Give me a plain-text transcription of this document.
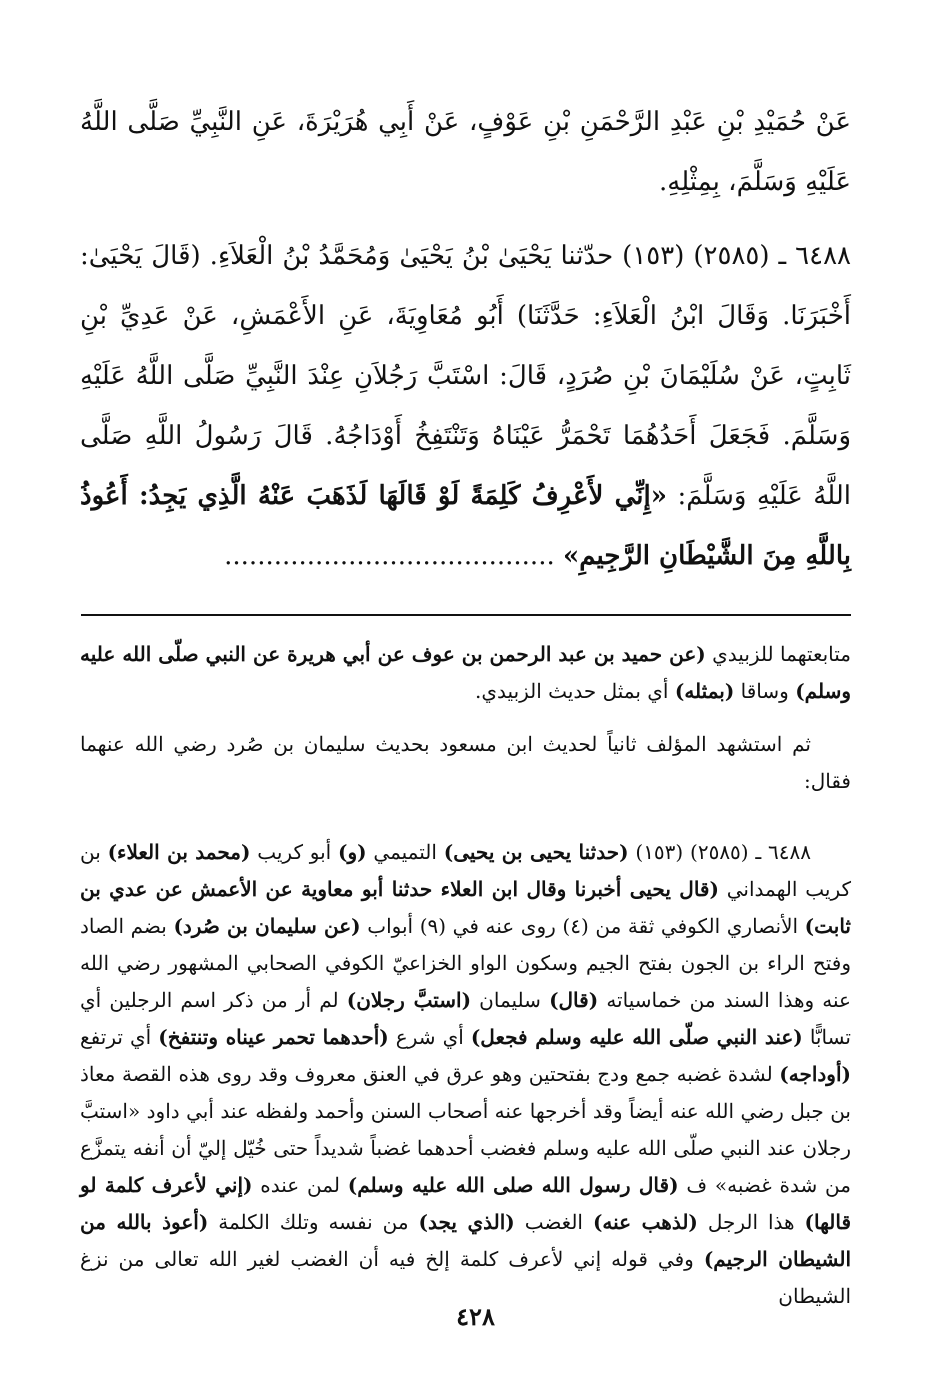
عَنْ حُمَيْدِ بْنِ عَبْدِ الرَّحْمَنِ بْنِ عَوْفٍ، عَنْ أَبِي هُرَيْرَةَ، عَنِ النَّبِيِّ صَلَّى اللَّهُ عَلَيْهِ وَسَلَّمَ، بِمِثْلِهِ.

٦٤٨٨ ـ (٢٥٨٥) (١٥٣) حدّثنا يَحْيَىٰ بْنُ يَحْيَىٰ وَمُحَمَّدُ بْنُ الْعَلاَءِ. (قَالَ يَحْيَىٰ: أَخْبَرَنَا. وَقَالَ ابْنُ الْعَلاَءِ: حَدَّثَنَا) أَبُو مُعَاوِيَةَ، عَنِ الأَعْمَشِ، عَنْ عَدِيِّ بْنِ ثَابِتٍ، عَنْ سُلَيْمَانَ بْنِ صُرَدٍ، قَالَ: اسْتَبَّ رَجُلاَنِ عِنْدَ النَّبِيِّ صَلَّى اللَّهُ عَلَيْهِ وَسَلَّمَ. فَجَعَلَ أَحَدُهُمَا تَحْمَرُّ عَيْنَاهُ وَتَنْتَفِخُ أَوْدَاجُهُ. قَالَ رَسُولُ اللَّهِ صَلَّى اللَّهُ عَلَيْهِ وَسَلَّمَ: «إِنِّي لأَعْرِفُ كَلِمَةً لَوْ قَالَهَا لَذَهَبَ عَنْهُ الَّذِي يَجِدُ: أَعُوذُ بِاللَّهِ مِنَ الشَّيْطَانِ الرَّجِيمِ» ........................................

متابعتهما للزبيدي (عن حميد بن عبد الرحمن بن عوف عن أبي هريرة عن النبي صلّى الله عليه وسلم) وساقا (بمثله) أي بمثل حديث الزبيدي.

ثم استشهد المؤلف ثانياً لحديث ابن مسعود بحديث سليمان بن صُرد رضي الله عنهما فقال:

٦٤٨٨ ـ (٢٥٨٥) (١٥٣) (حدثنا يحيى بن يحيى) التميمي (و) أبو كريب (محمد بن العلاء) بن كريب الهمداني (قال يحيى أخبرنا وقال ابن العلاء حدثنا أبو معاوية عن الأعمش عن عدي بن ثابت) الأنصاري الكوفي ثقة من (٤) روى عنه في (٩) أبواب (عن سليمان بن صُرد) بضم الصاد وفتح الراء بن الجون بفتح الجيم وسكون الواو الخزاعيّ الكوفي الصحابي المشهور رضي الله عنه وهذا السند من خماسياته (قال) سليمان (استبَّ رجلان) لم أر من ذكر اسم الرجلين أي تسابًّا (عند النبي صلّى الله عليه وسلم فجعل) أي شرع (أحدهما تحمر عيناه وتنتفخ) أي ترتفع (أوداجه) لشدة غضبه جمع ودج بفتحتين وهو عرق في العنق معروف وقد روى هذه القصة معاذ بن جبل رضي الله عنه أيضاً وقد أخرجها عنه أصحاب السنن وأحمد ولفظه عند أبي داود «استبَّ رجلان عند النبي صلّى الله عليه وسلم فغضب أحدهما غضباً شديداً حتى خُيّل إليّ أن أنفه يتمزَّع من شدة غضبه» ف (قال رسول الله صلى الله عليه وسلم) لمن عنده (إني لأعرف كلمة لو قالها) هذا الرجل (لذهب عنه) الغضب (الذي يجد) من نفسه وتلك الكلمة (أعوذ بالله من الشيطان الرجيم) وفي قوله إني لأعرف كلمة إلخ فيه أن الغضب لغير الله تعالى من نزغ الشيطان

٤٢٨
